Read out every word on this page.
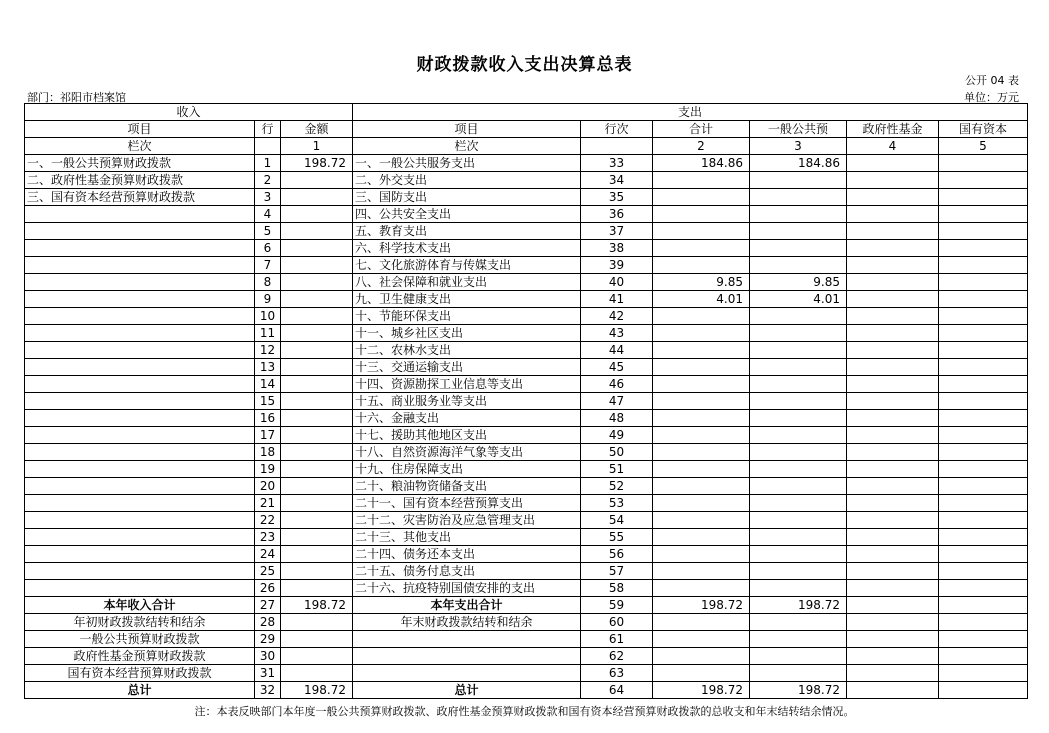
财政拨款收入支出决算总表
公开 04 表
部门：祁阳市档案馆	单位：万元
收入			支出					
项目	行	金额	项目	行次	合计	一般公共预	政府性基金	国有资本
栏次		1	栏次		2	3	4	5
一、一般公共预算财政拨款	1	198.72	一、一般公共服务支出	33	184.86	184.86		
二、政府性基金预算财政拨款	2		二、外交支出	34				
三、国有资本经营预算财政拨款	3		三、国防支出	35				
	4		四、公共安全支出	36				
	5		五、教育支出	37				
	6		六、科学技术支出	38				
	7		七、文化旅游体育与传媒支出	39				
	8		八、社会保障和就业支出	40	9.85	9.85		
	9		九、卫生健康支出	41	4.01	4.01		
	10		十、节能环保支出	42				
	11		十一、城乡社区支出	43				
	12		十二、农林水支出	44				
	13		十三、交通运输支出	45				
	14		十四、资源勘探工业信息等支出	46				
	15		十五、商业服务业等支出	47				
	16		十六、金融支出	48				
	17		十七、援助其他地区支出	49				
	18		十八、自然资源海洋气象等支出	50				
	19		十九、住房保障支出	51				
	20		二十、粮油物资储备支出	52				
	21		二十一、国有资本经营预算支出	53				
	22		二十二、灾害防治及应急管理支出	54				
	23		二十三、其他支出	55				
	24		二十四、债务还本支出	56				
	25		二十五、债务付息支出	57				
	26		二十六、抗疫特别国债安排的支出	58				
本年收入合计	27	198.72	本年支出合计	59	198.72	198.72		
年初财政拨款结转和结余	28		年末财政拨款结转和结余	60				
一般公共预算财政拨款	29			61				
政府性基金预算财政拨款	30			62				
国有资本经营预算财政拨款	31			63				
总计	32	198.72	总计	64	198.72	198.72		
注：本表反映部门本年度一般公共预算财政拨款、政府性基金预算财政拨款和国有资本经营预算财政拨款的总收支和年末结转结余情况。
